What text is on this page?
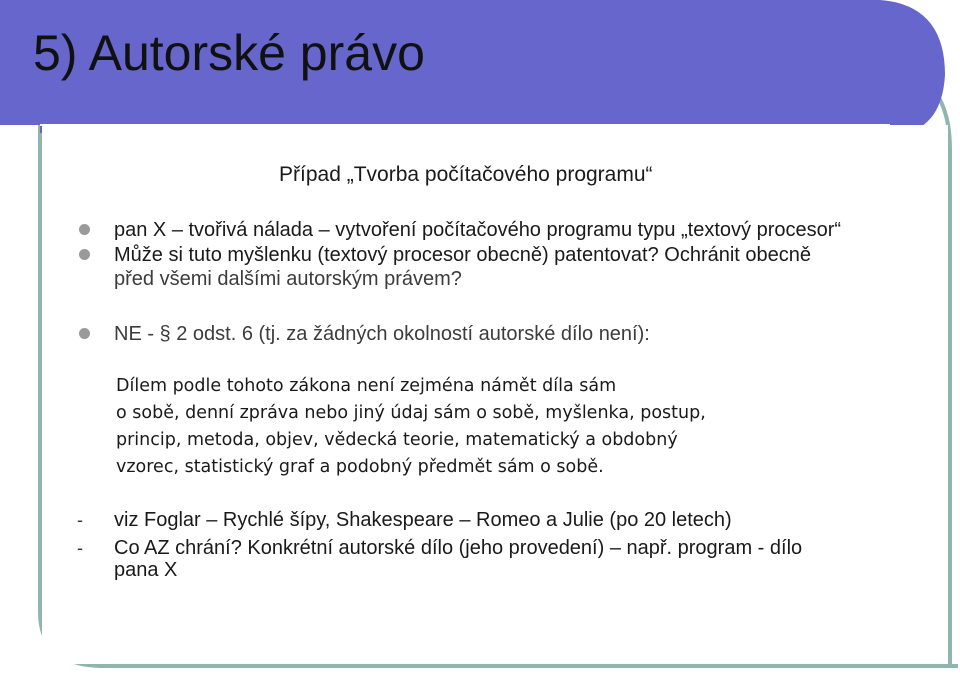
5) Autorské právo
Případ „Tvorba počítačového programu“
pan X – tvořivá nálada – vytvoření počítačového programu typu „textový procesor“
Může si tuto myšlenku (textový procesor obecně) patentovat? Ochránit obecně
před všemi dalšími autorským právem?
NE - § 2 odst. 6 (tj. za žádných okolností autorské dílo není):
Dílem podle tohoto zákona není zejména námět díla sám
o sobě, denní zpráva nebo jiný údaj sám o sobě, myšlenka, postup,
princip, metoda, objev, vědecká teorie, matematický a obdobný
vzorec, statistický graf a podobný předmět sám o sobě.
- viz Foglar – Rychlé šípy, Shakespeare – Romeo a Julie (po 20 letech)
- Co AZ chrání? Konkrétní autorské dílo (jeho provedení) – např. program - dílo
pana X
